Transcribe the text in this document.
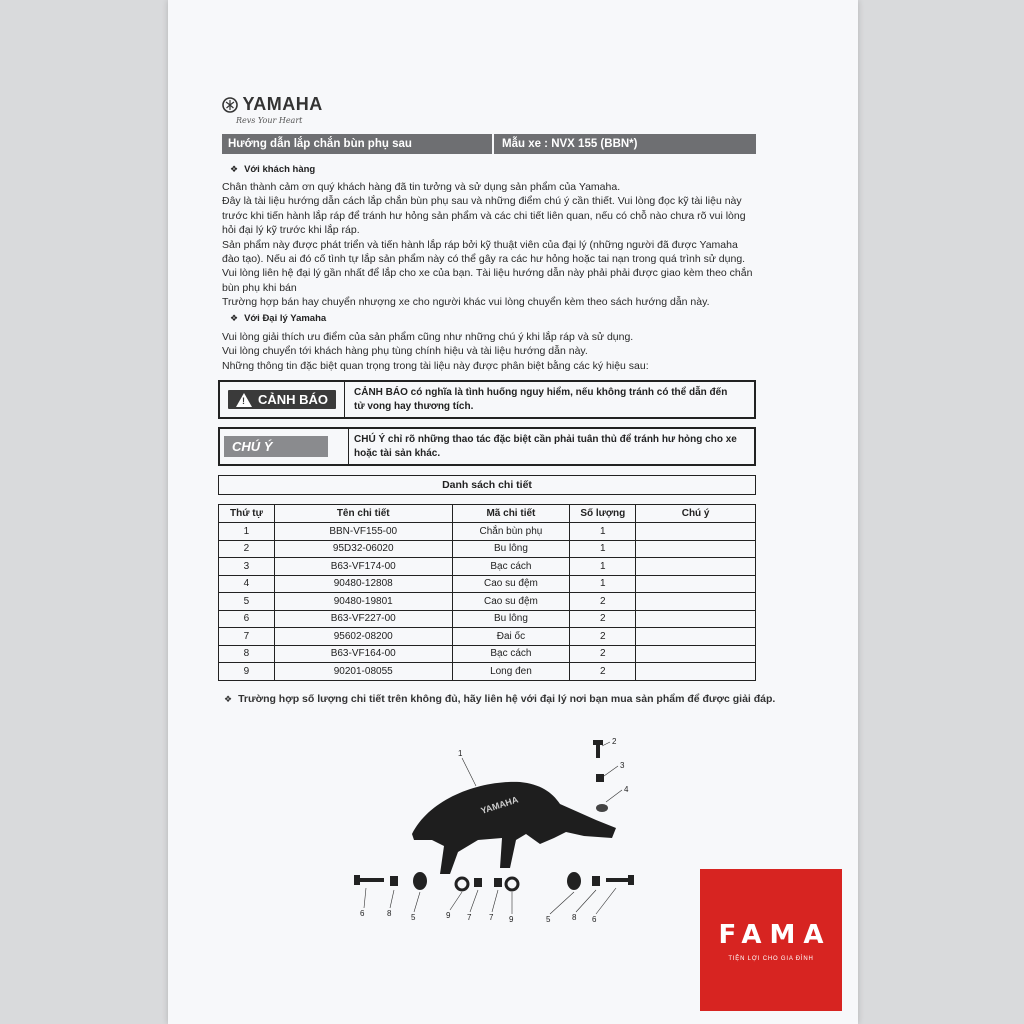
YAMAHA
Revs Your Heart
Hướng dẫn lắp chắn bùn phụ sau	Mẫu xe : NVX 155 (BBN*)
❖ Với khách hàng
Chân thành cảm ơn quý khách hàng đã tin tưởng và sử dụng sản phẩm của Yamaha.
Đây là tài liệu hướng dẫn cách lắp chắn bùn phụ sau và những điểm chú ý cần thiết. Vui lòng đọc kỹ tài liệu này
trước khi tiến hành lắp ráp để tránh hư hỏng sản phẩm và các chi tiết liên quan, nếu có chỗ nào chưa rõ vui lòng
hỏi đại lý kỹ trước khi lắp ráp.
Sản phẩm này được phát triển và tiến hành lắp ráp bởi kỹ thuật viên của đại lý (những người đã được Yamaha
đào tạo). Nếu ai đó cố tình tự lắp sản phẩm này có thể gây ra các hư hỏng hoặc tai nạn trong quá trình sử dụng.
Vui lòng liên hệ đại lý gần nhất để lắp cho xe của bạn. Tài liệu hướng dẫn này phải phải được giao kèm theo chắn
bùn phụ khi bán
Trường hợp bán hay chuyển nhượng xe cho người khác vui lòng chuyển kèm theo sách hướng dẫn này.
❖ Với Đại lý Yamaha
Vui lòng giải thích ưu điểm của sản phẩm cũng như những chú ý khi lắp ráp và sử dụng.
Vui lòng chuyển tới khách hàng phụ tùng chính hiệu và tài liệu hướng dẫn này.
Những thông tin đặc biệt quan trọng trong tài liệu này được phân biệt bằng các ký hiệu sau:
! CẢNH BÁO	CẢNH BÁO có nghĩa là tình huống nguy hiểm, nếu không tránh có thể dẫn đến
tử vong hay thương tích.
CHÚ Ý	CHÚ Ý chỉ rõ những thao tác đặc biệt cần phải tuân thủ để tránh hư hỏng cho xe
hoặc tài sản khác.
Danh sách chi tiết
Thứ tự	Tên chi tiết	Mã chi tiết	Số lượng	Chú ý
1	BBN-VF155-00	Chắn bùn phụ	1	
2	95D32-06020	Bu lông	1	
3	B63-VF174-00	Bạc cách	1	
4	90480-12808	Cao su đệm	1	
5	90480-19801	Cao su đệm	2	
6	B63-VF227-00	Bu lông	2	
7	95602-08200	Đai ốc	2	
8	B63-VF164-00	Bạc cách	2	
9	90201-08055	Long đen	2	
❖ Trường hợp số lượng chi tiết trên không đủ, hãy liên hệ với đại lý nơi bạn mua sản phẩm để được giải đáp.
YAMAHA
1
2
3
4
6	8 5	9 7 7 9	5	8 6
FAMA
TIỆN LỢI CHO GIA ĐÌNH
